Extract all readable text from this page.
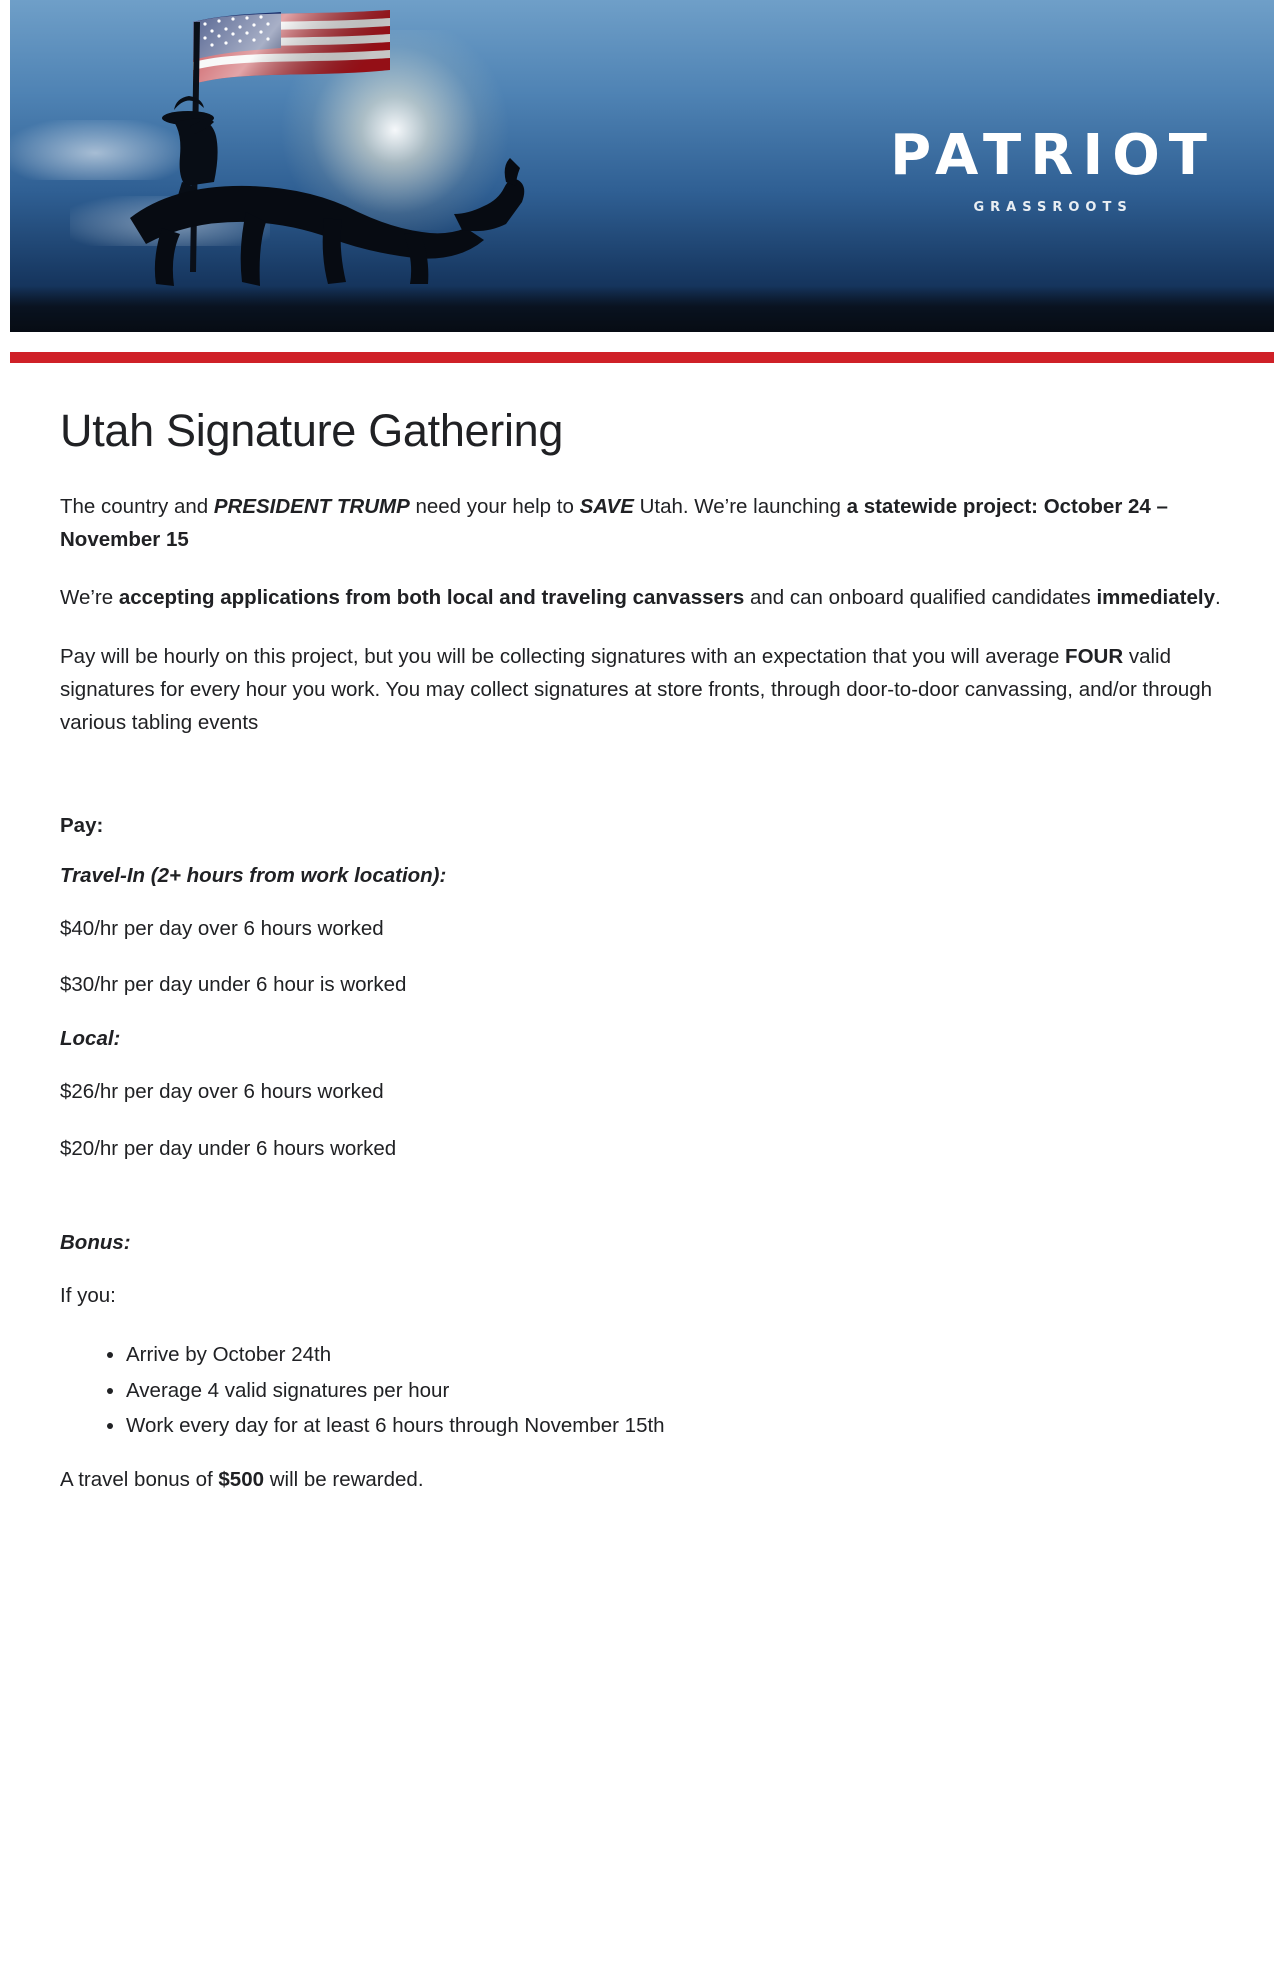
PATRIOT
GRASSROOTS
Utah Signature Gathering

The country and PRESIDENT TRUMP need your help to SAVE Utah. We’re launching a statewide project: October 24 – November 15

We’re accepting applications from both local and traveling canvassers and can onboard qualified candidates immediately.

Pay will be hourly on this project, but you will be collecting signatures with an expectation that you will average FOUR valid signatures for every hour you work. You may collect signatures at store fronts, through door-to-door canvassing, and/or through various tabling events

Pay:

Travel-In (2+ hours from work location):

$40/hr per day over 6 hours worked

$30/hr per day under 6 hour is worked

Local:

$26/hr per day over 6 hours worked

$20/hr per day under 6 hours worked

Bonus:

If you:

• Arrive by October 24th
• Average 4 valid signatures per hour
• Work every day for at least 6 hours through November 15th

A travel bonus of $500 will be rewarded.
